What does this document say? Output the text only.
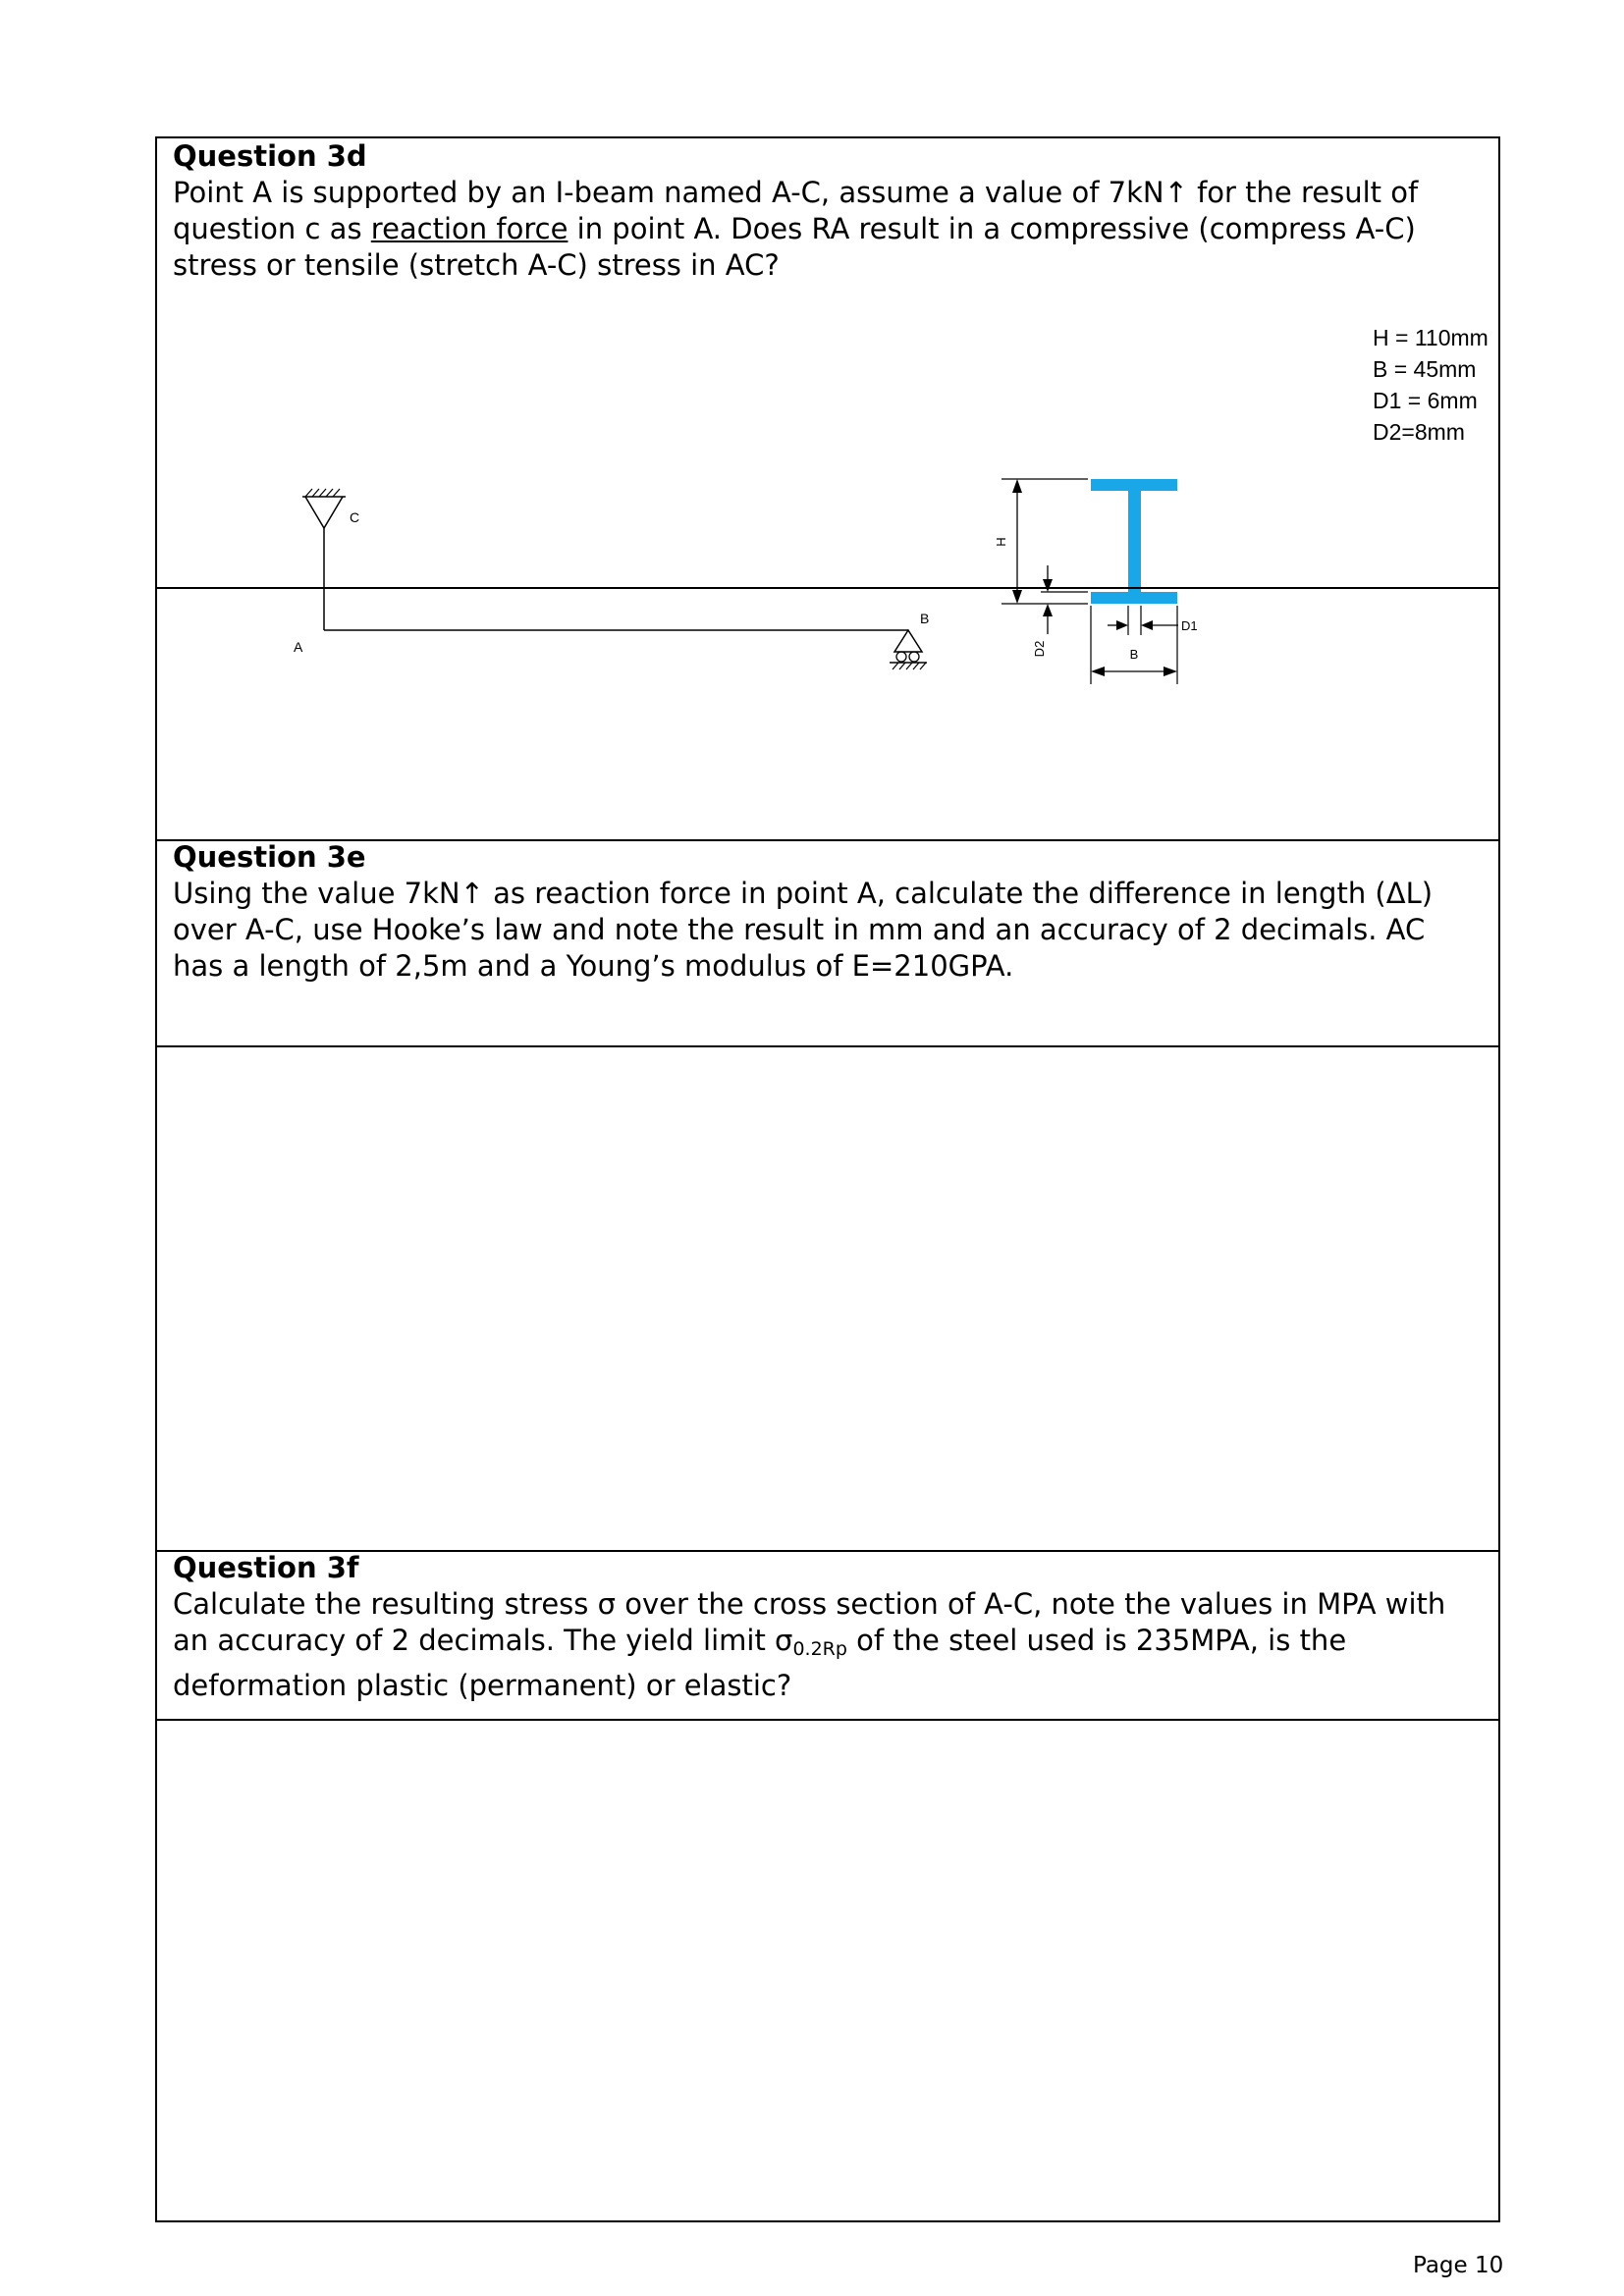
Question 3d
Point A is supported by an I-beam named A-C, assume a value of 7kN↑ for the result of question c as reaction force in point A. Does RA result in a compressive (compress A-C) stress or tensile (stretch A-C) stress in AC?
C
A
B
H
D2	B
D1
H = 110mm
B = 45mm
D1 = 6mm
D2=8mm
Question 3e
Using the value 7kN↑ as reaction force in point A, calculate the difference in length (ΔL) over A-C, use Hooke’s law and note the result in mm and an accuracy of 2 decimals. AC has a length of 2,5m and a Young’s modulus of E=210GPA.
Question 3f
Calculate the resulting stress σ over the cross section of A-C, note the values in MPA with an accuracy of 2 decimals. The yield limit $\sigma_{0.2Rp}$ of the steel used is 235MPA, is the deformation plastic (permanent) or elastic?
Page 10
